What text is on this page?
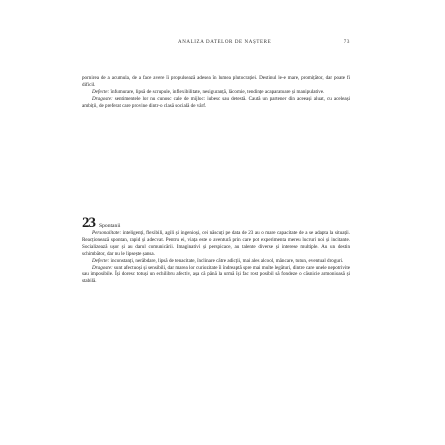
ANALIZA DATELOR DE NAȘTERE	73

pornirea de a acumula, de a face avere îi propulsează adesea în lumea plutocrației. Destinul le-e mare, promițător, dar poate fi dificil.

Defecte: înfumurare, lipsă de scrupule, inflexibilitate, nesiguranță, lăcomie, tendințe acaparatoare și manipulative.

Dragoste: sentimentele lor nu cunosc cale de mijloc: iubesc sau detestă. Caută un partener din aceeași aluat, cu aceleași ambiții, de preferat care provine dintr-o clasă socială de vârf.

23 Spontanii

Personalitate: inteligenți, flexibili, agili și ingenioși, cei născuți pe data de 23 au o mare capacitate de a se adapta la situații. Reacționează spontan, rapid și adecvat. Pentru ei, viața este o aventură prin care pot experimenta mereu lucruri noi și incitante. Socializează ușor și au darul comunicării. Imaginativi și perspicace, au talente diverse și interese multiple. Au un destin schimbător, dar nu le lipsește șansa.

Defecte: inconstanți, nerăbdare, lipsă de tenacitate, înclinare către adicții, mai ales alcool, mâncare, tutun, eventual droguri.

Dragoste: sunt afectuoși și sensibili, dar marea lor curiozitate îi îndreaptă spre mai multe legături, dintre care unele nepotrivite sau imposibile. Își doresc totuși un echilibru afectiv, așa că până la urmă își fac rost posibil să fondeze o căsnicie armonioasă și stabilă.
